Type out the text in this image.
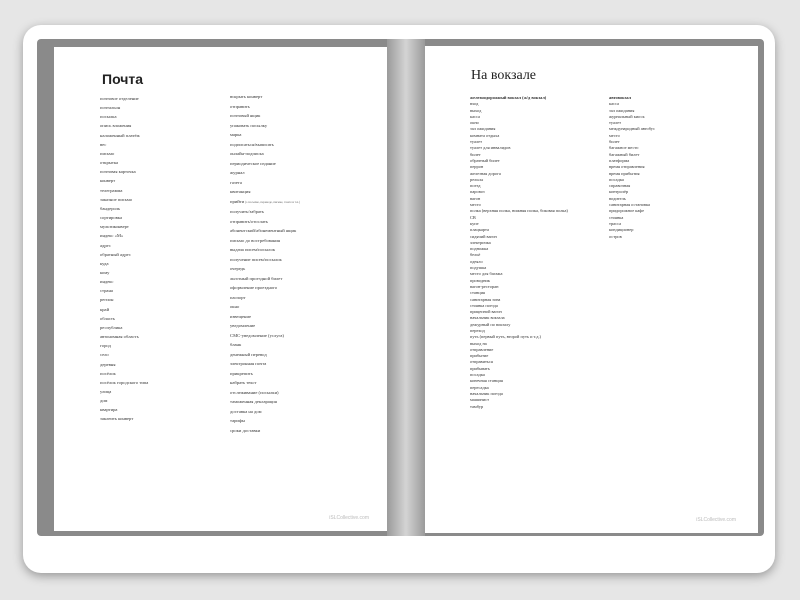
Почта
почтовое отделение
почтальон
посылка
опись вложения
наложенный платёж
вес
письмо
открытка
почтовая карточка
конверт
телеграмма
заказное письмо
бандероль
сортировка
мультиконверт
индекс «М»
адрес
обратный адрес
куда
кому
индекс
страна
регион
край
область
республика
автономная область
город
село
деревня
посёлок
посёлок городского типа
улица
дом
квартира
заклеить конверт
вскрыть конверт
отправить
почтовый ящик
упаковать посылку
марка
подписаться/выписать
онлайн-подписка
периодическое издание
журнал
газета
квитанция
прийти (о посылке, переводе, письме, газете и т.п.)
получить/забрать
отправить/отослать
абонентский/абонементный ящик
письмо до востребования
выдача писем/посылок
получение писем/посылок
очередь
льготный проездной билет
оформление проездного
паспорт
окно
извещение
уведомление
СМС-уведомление (услуга)
бланк
денежный перевод
электронная почта
прикрепить
набрать текст
отслеживание (посылки)
таможенная декларация
доставка на дом
тарифы
сроки доставки
iSLCollective.com
На вокзале
железнодорожный вокзал (ж/д вокзал)
вход
выход
касса
окно
зал ожидания
комната отдыха
туалет
туалет для инвалидов
билет
обратный билет
перрон
железная дорога
рельсы
поезд
паровоз
вагон
место
полка (верхняя полка, нижняя полка, боковая полка)
СВ
купе
плацкарта
сидячий вагон
электричка
подножка
бельё
одеяло
подушка
место для багажа
проводник
вагон-ресторан
станция
санитарная зона
стоянка поезда
прицепной вагон
начальник вокзала
дежурный по вокзалу
переход
путь (первый путь, второй путь и т.д.)
выход на
отправление
прибытие
отправиться
прибывать
посадка
конечная станция
пересадка
начальник поезда
машинист
тамбур
автовокзал
касса
зал ожидания
журнальный киоск
туалет
международный автобус
место
билет
багажное место
багажный билет
платформа
время отправления
время прибытия
посадка
справочная
контролёр
водитель
санитарная остановка
придорожное кафе
стоянка
трасса
кондиционер
остров
iSLCollective.com
